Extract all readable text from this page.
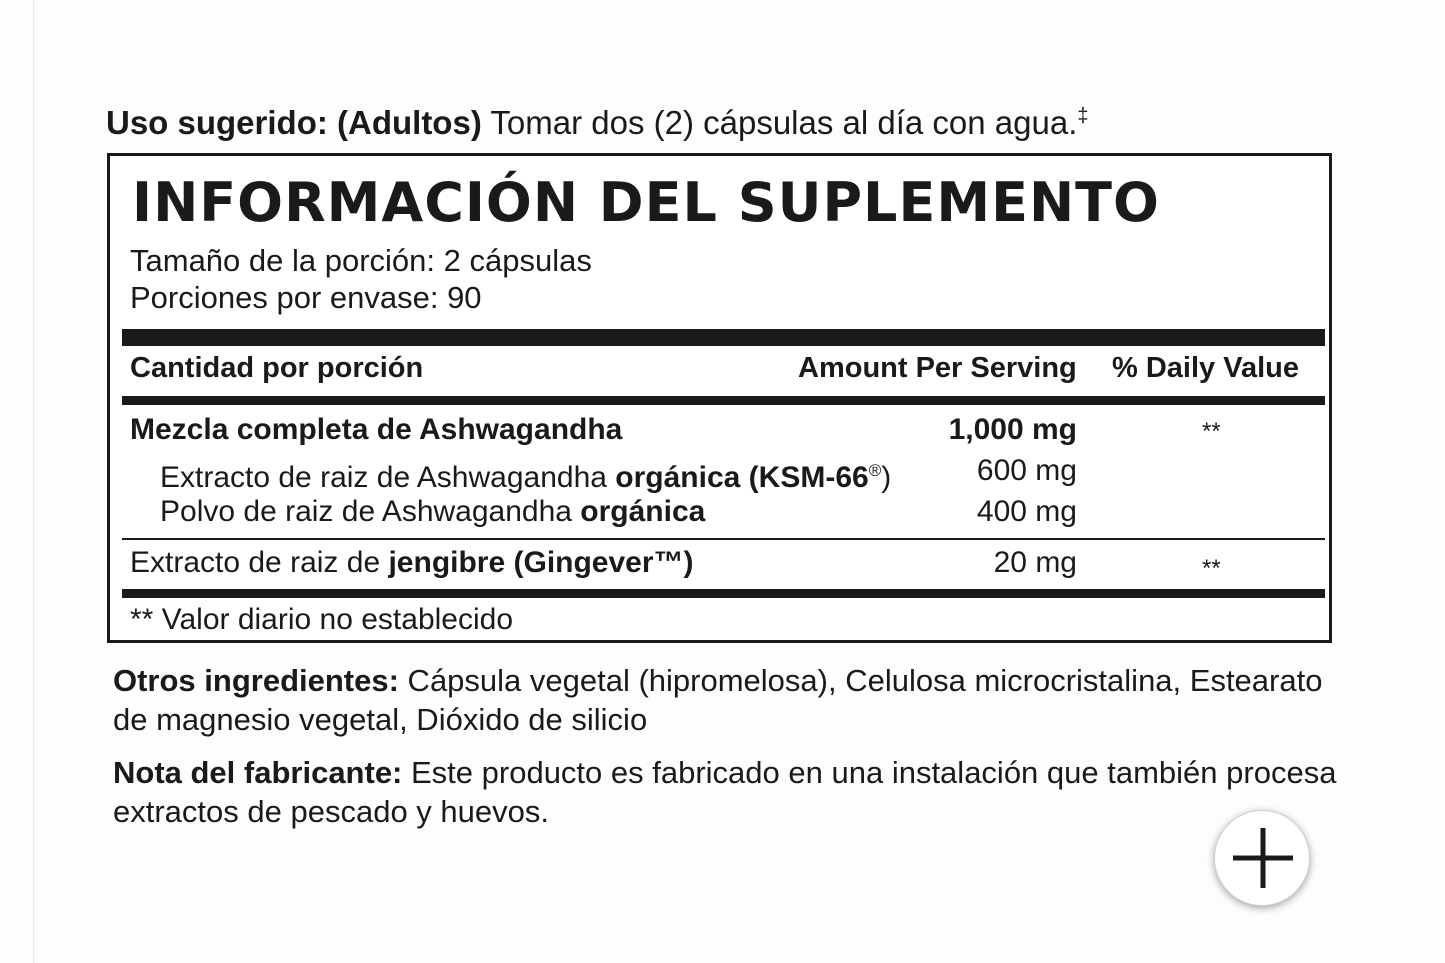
Uso sugerido: (Adultos) Tomar dos (2) cápsulas al día con agua.‡
INFORMACIÓN DEL SUPLEMENTO
Tamaño de la porción: 2 cápsulas
Porciones por envase: 90
Cantidad por porción	Amount Per Serving % Daily Value
Mezcla completa de Ashwagandha	1,000 mg	**
Extracto de raiz de Ashwagandha orgánica (KSM-66®)	600 mg
Polvo de raiz de Ashwagandha orgánica	400 mg
Extracto de raiz de jengibre (Gingever™)	20 mg	**
** Valor diario no establecido
Otros ingredientes: Cápsula vegetal (hipromelosa), Celulosa microcristalina, Estearato de magnesio vegetal, Dióxido de silicio
Nota del fabricante: Este producto es fabricado en una instalación que también procesa extractos de pescado y huevos.
